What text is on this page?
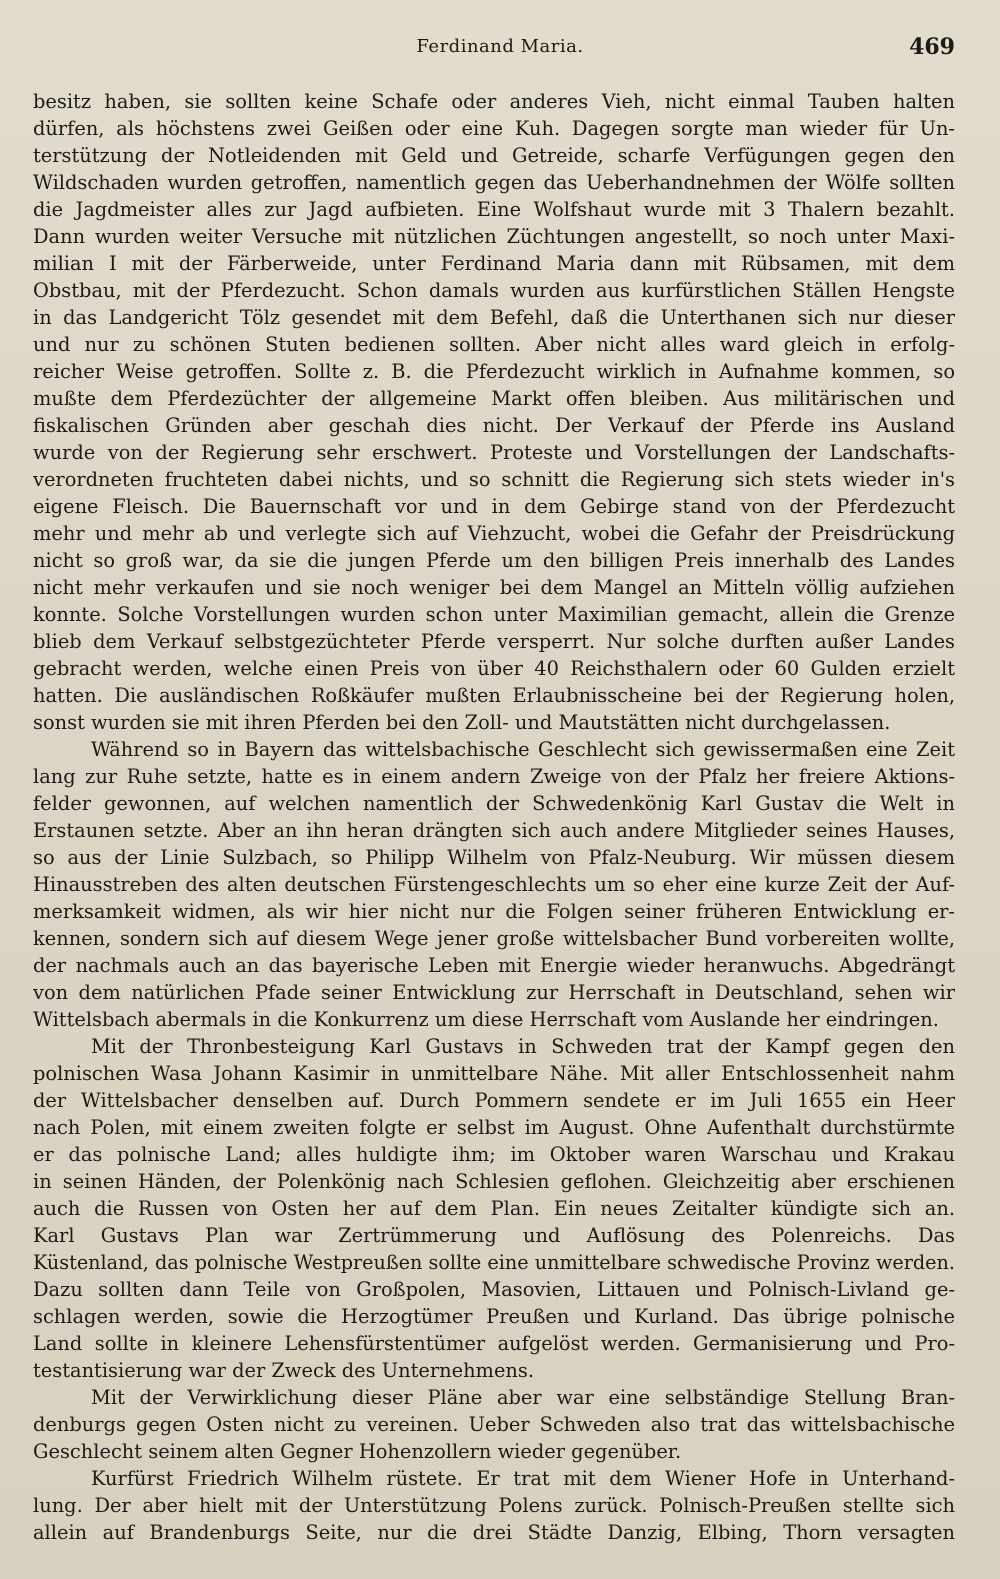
Ferdinand Maria.	469
besitz haben, sie sollten keine Schafe oder anderes Vieh, nicht einmal Tauben halten
dürfen, als höchstens zwei Geißen oder eine Kuh. Dagegen sorgte man wieder für Un-
terstützung der Notleidenden mit Geld und Getreide, scharfe Verfügungen gegen den
Wildschaden wurden getroffen, namentlich gegen das Ueberhandnehmen der Wölfe sollten
die Jagdmeister alles zur Jagd aufbieten. Eine Wolfshaut wurde mit 3 Thalern bezahlt.
Dann wurden weiter Versuche mit nützlichen Züchtungen angestellt, so noch unter Maxi-
milian I mit der Färberweide, unter Ferdinand Maria dann mit Rübsamen, mit dem
Obstbau, mit der Pferdezucht. Schon damals wurden aus kurfürstlichen Ställen Hengste
in das Landgericht Tölz gesendet mit dem Befehl, daß die Unterthanen sich nur dieser
und nur zu schönen Stuten bedienen sollten. Aber nicht alles ward gleich in erfolg-
reicher Weise getroffen. Sollte z. B. die Pferdezucht wirklich in Aufnahme kommen, so
mußte dem Pferdezüchter der allgemeine Markt offen bleiben. Aus militärischen und
fiskalischen Gründen aber geschah dies nicht. Der Verkauf der Pferde ins Ausland
wurde von der Regierung sehr erschwert. Proteste und Vorstellungen der Landschafts-
verordneten fruchteten dabei nichts, und so schnitt die Regierung sich stets wieder in's
eigene Fleisch. Die Bauernschaft vor und in dem Gebirge stand von der Pferdezucht
mehr und mehr ab und verlegte sich auf Viehzucht, wobei die Gefahr der Preisdrückung
nicht so groß war, da sie die jungen Pferde um den billigen Preis innerhalb des Landes
nicht mehr verkaufen und sie noch weniger bei dem Mangel an Mitteln völlig aufziehen
konnte. Solche Vorstellungen wurden schon unter Maximilian gemacht, allein die Grenze
blieb dem Verkauf selbstgezüchteter Pferde versperrt. Nur solche durften außer Landes
gebracht werden, welche einen Preis von über 40 Reichsthalern oder 60 Gulden erzielt
hatten. Die ausländischen Roßkäufer mußten Erlaubnisscheine bei der Regierung holen,
sonst wurden sie mit ihren Pferden bei den Zoll- und Mautstätten nicht durchgelassen.
Während so in Bayern das wittelsbachische Geschlecht sich gewissermaßen eine Zeit
lang zur Ruhe setzte, hatte es in einem andern Zweige von der Pfalz her freiere Aktions-
felder gewonnen, auf welchen namentlich der Schwedenkönig Karl Gustav die Welt in
Erstaunen setzte. Aber an ihn heran drängten sich auch andere Mitglieder seines Hauses,
so aus der Linie Sulzbach, so Philipp Wilhelm von Pfalz-Neuburg. Wir müssen diesem
Hinausstreben des alten deutschen Fürstengeschlechts um so eher eine kurze Zeit der Auf-
merksamkeit widmen, als wir hier nicht nur die Folgen seiner früheren Entwicklung er-
kennen, sondern sich auf diesem Wege jener große wittelsbacher Bund vorbereiten wollte,
der nachmals auch an das bayerische Leben mit Energie wieder heranwuchs. Abgedrängt
von dem natürlichen Pfade seiner Entwicklung zur Herrschaft in Deutschland, sehen wir
Wittelsbach abermals in die Konkurrenz um diese Herrschaft vom Auslande her eindringen.
Mit der Thronbesteigung Karl Gustavs in Schweden trat der Kampf gegen den
polnischen Wasa Johann Kasimir in unmittelbare Nähe. Mit aller Entschlossenheit nahm
der Wittelsbacher denselben auf. Durch Pommern sendete er im Juli 1655 ein Heer
nach Polen, mit einem zweiten folgte er selbst im August. Ohne Aufenthalt durchstürmte
er das polnische Land; alles huldigte ihm; im Oktober waren Warschau und Krakau
in seinen Händen, der Polenkönig nach Schlesien geflohen. Gleichzeitig aber erschienen
auch die Russen von Osten her auf dem Plan. Ein neues Zeitalter kündigte sich an.
Karl Gustavs Plan war Zertrümmerung und Auflösung des Polenreichs. Das
Küstenland, das polnische Westpreußen sollte eine unmittelbare schwedische Provinz werden.
Dazu sollten dann Teile von Großpolen, Masovien, Littauen und Polnisch-Livland ge-
schlagen werden, sowie die Herzogtümer Preußen und Kurland. Das übrige polnische
Land sollte in kleinere Lehensfürstentümer aufgelöst werden. Germanisierung und Pro-
testantisierung war der Zweck des Unternehmens.
Mit der Verwirklichung dieser Pläne aber war eine selbständige Stellung Bran-
denburgs gegen Osten nicht zu vereinen. Ueber Schweden also trat das wittelsbachische
Geschlecht seinem alten Gegner Hohenzollern wieder gegenüber.
Kurfürst Friedrich Wilhelm rüstete. Er trat mit dem Wiener Hofe in Unterhand-
lung. Der aber hielt mit der Unterstützung Polens zurück. Polnisch-Preußen stellte sich
allein auf Brandenburgs Seite, nur die drei Städte Danzig, Elbing, Thorn versagten
